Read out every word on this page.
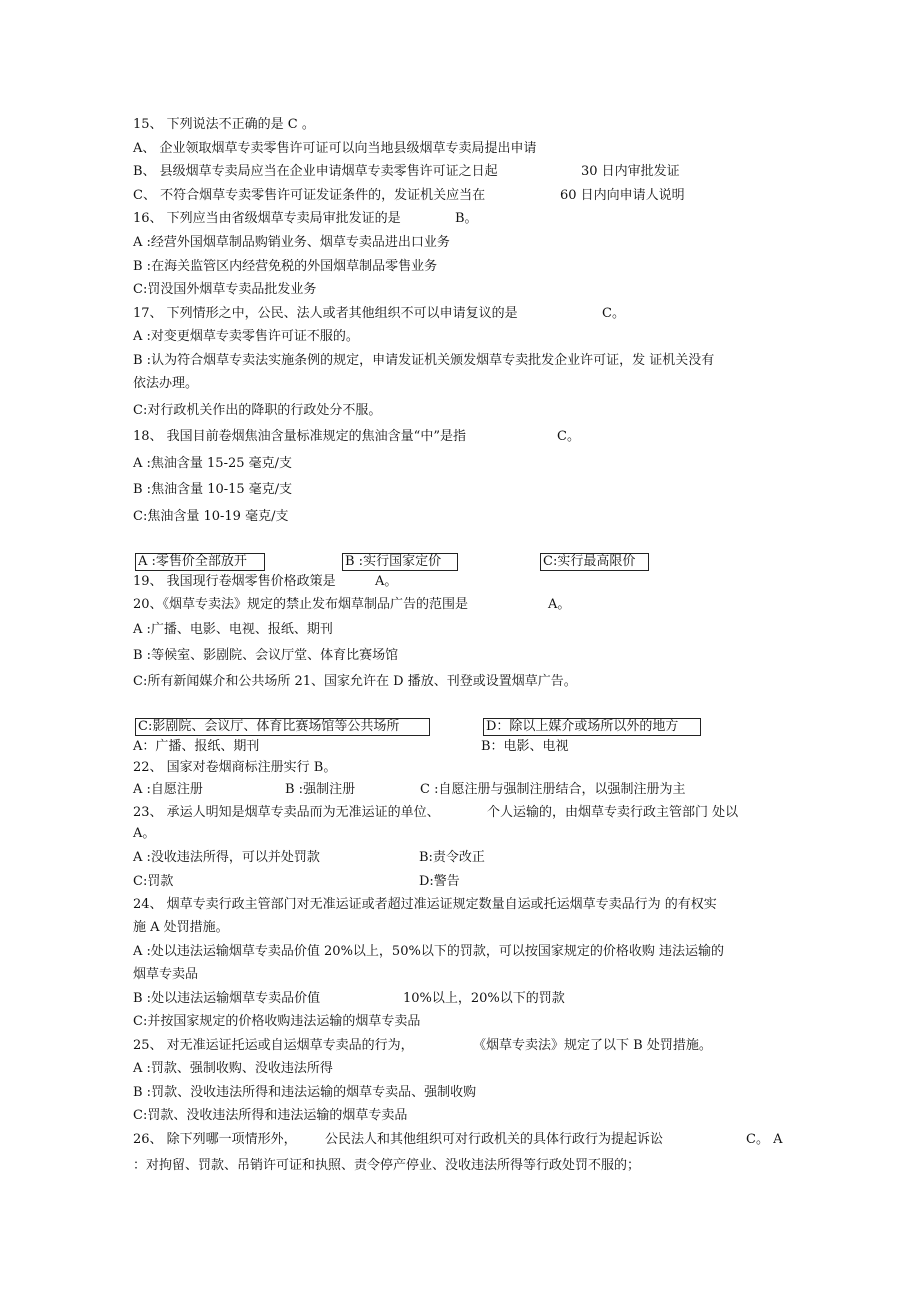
15、 下列说法不正确的是 C 。
A、 企业领取烟草专卖零售许可证可以向当地县级烟草专卖局提出申请
B、 县级烟草专卖局应当在企业申请烟草专卖零售许可证之日起	30 日内审批发证
C、 不符合烟草专卖零售许可证发证条件的，发证机关应当在	60 日内向申请人说明
16、 下列应当由省级烟草专卖局审批发证的是	B。
A :经营外国烟草制品购销业务、烟草专卖品进出口业务
B :在海关监管区内经营免税的外国烟草制品零售业务
C:罚没国外烟草专卖品批发业务
17、 下列情形之中，公民、法人或者其他组织不可以申请复议的是	C。
A :对变更烟草专卖零售许可证不服的。
B :认为符合烟草专卖法实施条例的规定，申请发证机关颁发烟草专卖批发企业许可证，发 证机关没有
依法办理。
C:对行政机关作出的降职的行政处分不服。
18、 我国目前卷烟焦油含量标准规定的焦油含量“中”是指	C。
A :焦油含量 15-25 毫克/支
B :焦油含量 10-15 毫克/支
C:焦油含量 10-19 毫克/支
A :零售价全部放开	B :实行国家定价	C:实行最高限价
19、 我国现行卷烟零售价格政策是	A。
20、《烟草专卖法》规定的禁止发布烟草制品广告的范围是	A。
A :广播、电影、电视、报纸、期刊
B :等候室、影剧院、会议厅堂、体育比赛场馆
C:所有新闻媒介和公共场所 21、国家允许在 D 播放、刊登或设置烟草广告。
C:影剧院、会议厅、体育比赛场馆等公共场所	D：除以上媒介或场所以外的地方
A：广播、报纸、期刊	B：电影、电视
22、 国家对卷烟商标注册实行 B。
A :自愿注册	B :强制注册	C :自愿注册与强制注册结合，以强制注册为主
23、 承运人明知是烟草专卖品而为无准运证的单位、	个人运输的，由烟草专卖行政主管部门 处以
A。
A :没收违法所得，可以并处罚款	B:责令改正
C:罚款	D:警告
24、 烟草专卖行政主管部门对无准运证或者超过准运证规定数量自运或托运烟草专卖品行为 的有权实
施 A 处罚措施。
A :处以违法运输烟草专卖品价值 20%以上，50%以下的罚款，可以按国家规定的价格收购 违法运输的
烟草专卖品
B :处以违法运输烟草专卖品价值	10%以上，20%以下的罚款
C:并按国家规定的价格收购违法运输的烟草专卖品
25、 对无准运证托运或自运烟草专卖品的行为，	《烟草专卖法》规定了以下 B 处罚措施。
A :罚款、强制收购、没收违法所得
B :罚款、没收违法所得和违法运输的烟草专卖品、强制收购
C:罚款、没收违法所得和违法运输的烟草专卖品
26、 除下列哪一项情形外， 公民法人和其他组织可对行政机关的具体行政行为提起诉讼	C。 A
：对拘留、罚款、吊销许可证和执照、责令停产停业、没收违法所得等行政处罚不服的；
